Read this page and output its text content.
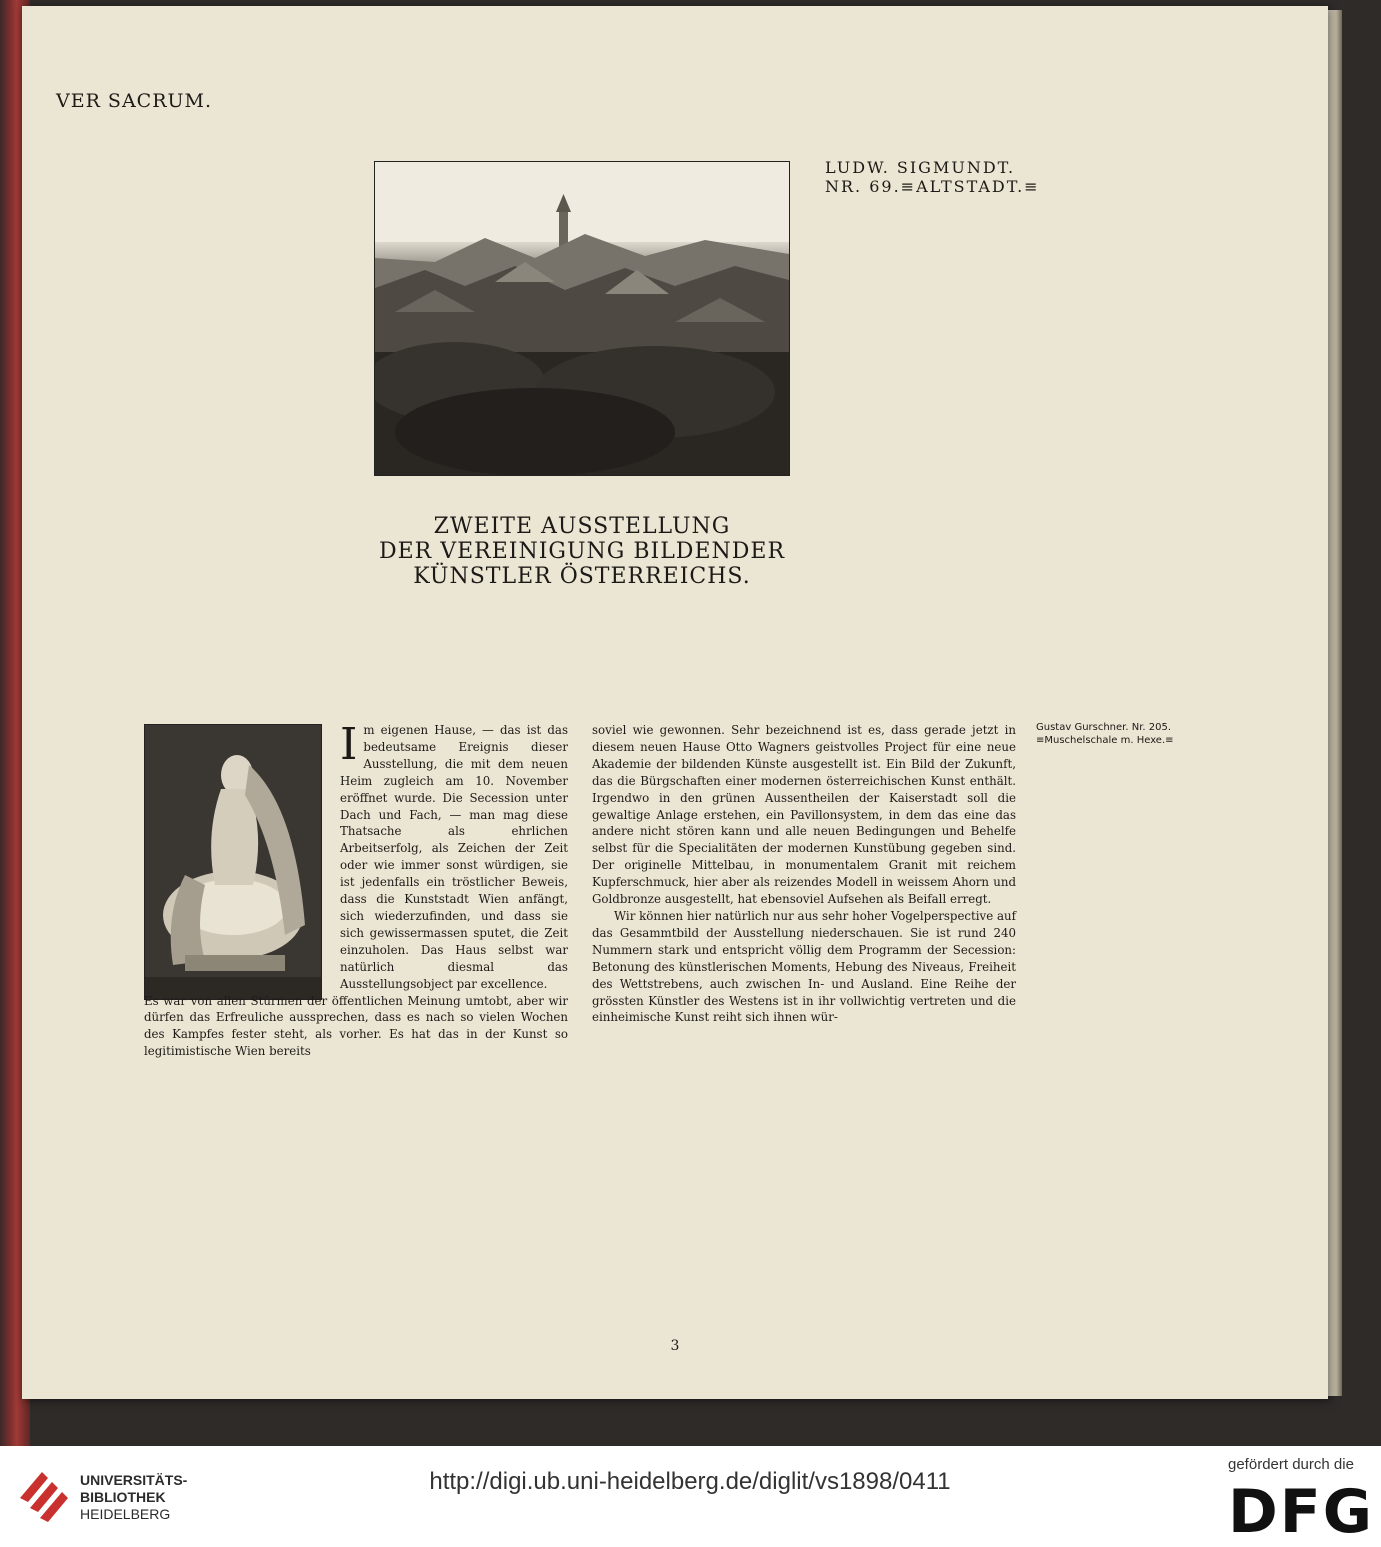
VER SACRUM.
LUDW. SIGMUNDT.
NR. 69.≡ALTSTADT.≡
ZWEITE AUSSTELLUNG
DER VEREINIGUNG BILDENDER
KÜNSTLER ÖSTERREICHS.
Gustav Gurschner. Nr. 205.
≡Muschelschale m. Hexe.≡

Im eigenen Hause, — das ist das bedeutsame Ereignis dieser Ausstellung, die mit dem neuen Heim zugleich am 10. November eröffnet wurde. Die Secession unter Dach und Fach, — man mag diese Thatsache als ehrlichen Arbeitserfolg, als Zeichen der Zeit oder wie immer sonst würdigen, sie ist jedenfalls ein tröstlicher Beweis, dass die Kunststadt Wien anfängt, sich wiederzufinden, und dass sie sich gewissermassen sputet, die Zeit einzuholen. Das Haus selbst war natürlich diesmal das Ausstellungsobject par excellence.

Es war von allen Stürmen der öffentlichen Meinung umtobt, aber wir dürfen das Erfreuliche aussprechen, dass es nach so vielen Wochen des Kampfes fester steht, als vorher. Es hat das in der Kunst so legitimistische Wien bereits

soviel wie gewonnen. Sehr bezeichnend ist es, dass gerade jetzt in diesem neuen Hause Otto Wagners geistvolles Project für eine neue Akademie der bildenden Künste ausgestellt ist. Ein Bild der Zukunft, das die Bürgschaften einer modernen österreichischen Kunst enthält. Irgendwo in den grünen Aussentheilen der Kaiserstadt soll die gewaltige Anlage erstehen, ein Pavillonsystem, in dem das eine das andere nicht stören kann und alle neuen Bedingungen und Behelfe selbst für die Specialitäten der modernen Kunstübung gegeben sind. Der originelle Mittelbau, in monumentalem Granit mit reichem Kupferschmuck, hier aber als reizendes Modell in weissem Ahorn und Goldbronze ausgestellt, hat ebensoviel Aufsehen als Beifall erregt.

Wir können hier natürlich nur aus sehr hoher Vogelperspective auf das Gesammtbild der Ausstellung niederschauen. Sie ist rund 240 Nummern stark und entspricht völlig dem Programm der Secession: Betonung des künstlerischen Moments, Hebung des Niveaus, Freiheit des Wettstrebens, auch zwischen In- und Ausland. Eine Reihe der grössten Künstler des Westens ist in ihr vollwichtig vertreten und die einheimische Kunst reiht sich ihnen wür-

3
UNIVERSITÄTS-
BIBLIOTHEK
HEIDELBERG
http://digi.ub.uni-heidelberg.de/diglit/vs1898/0411
gefördert durch die
DFG
